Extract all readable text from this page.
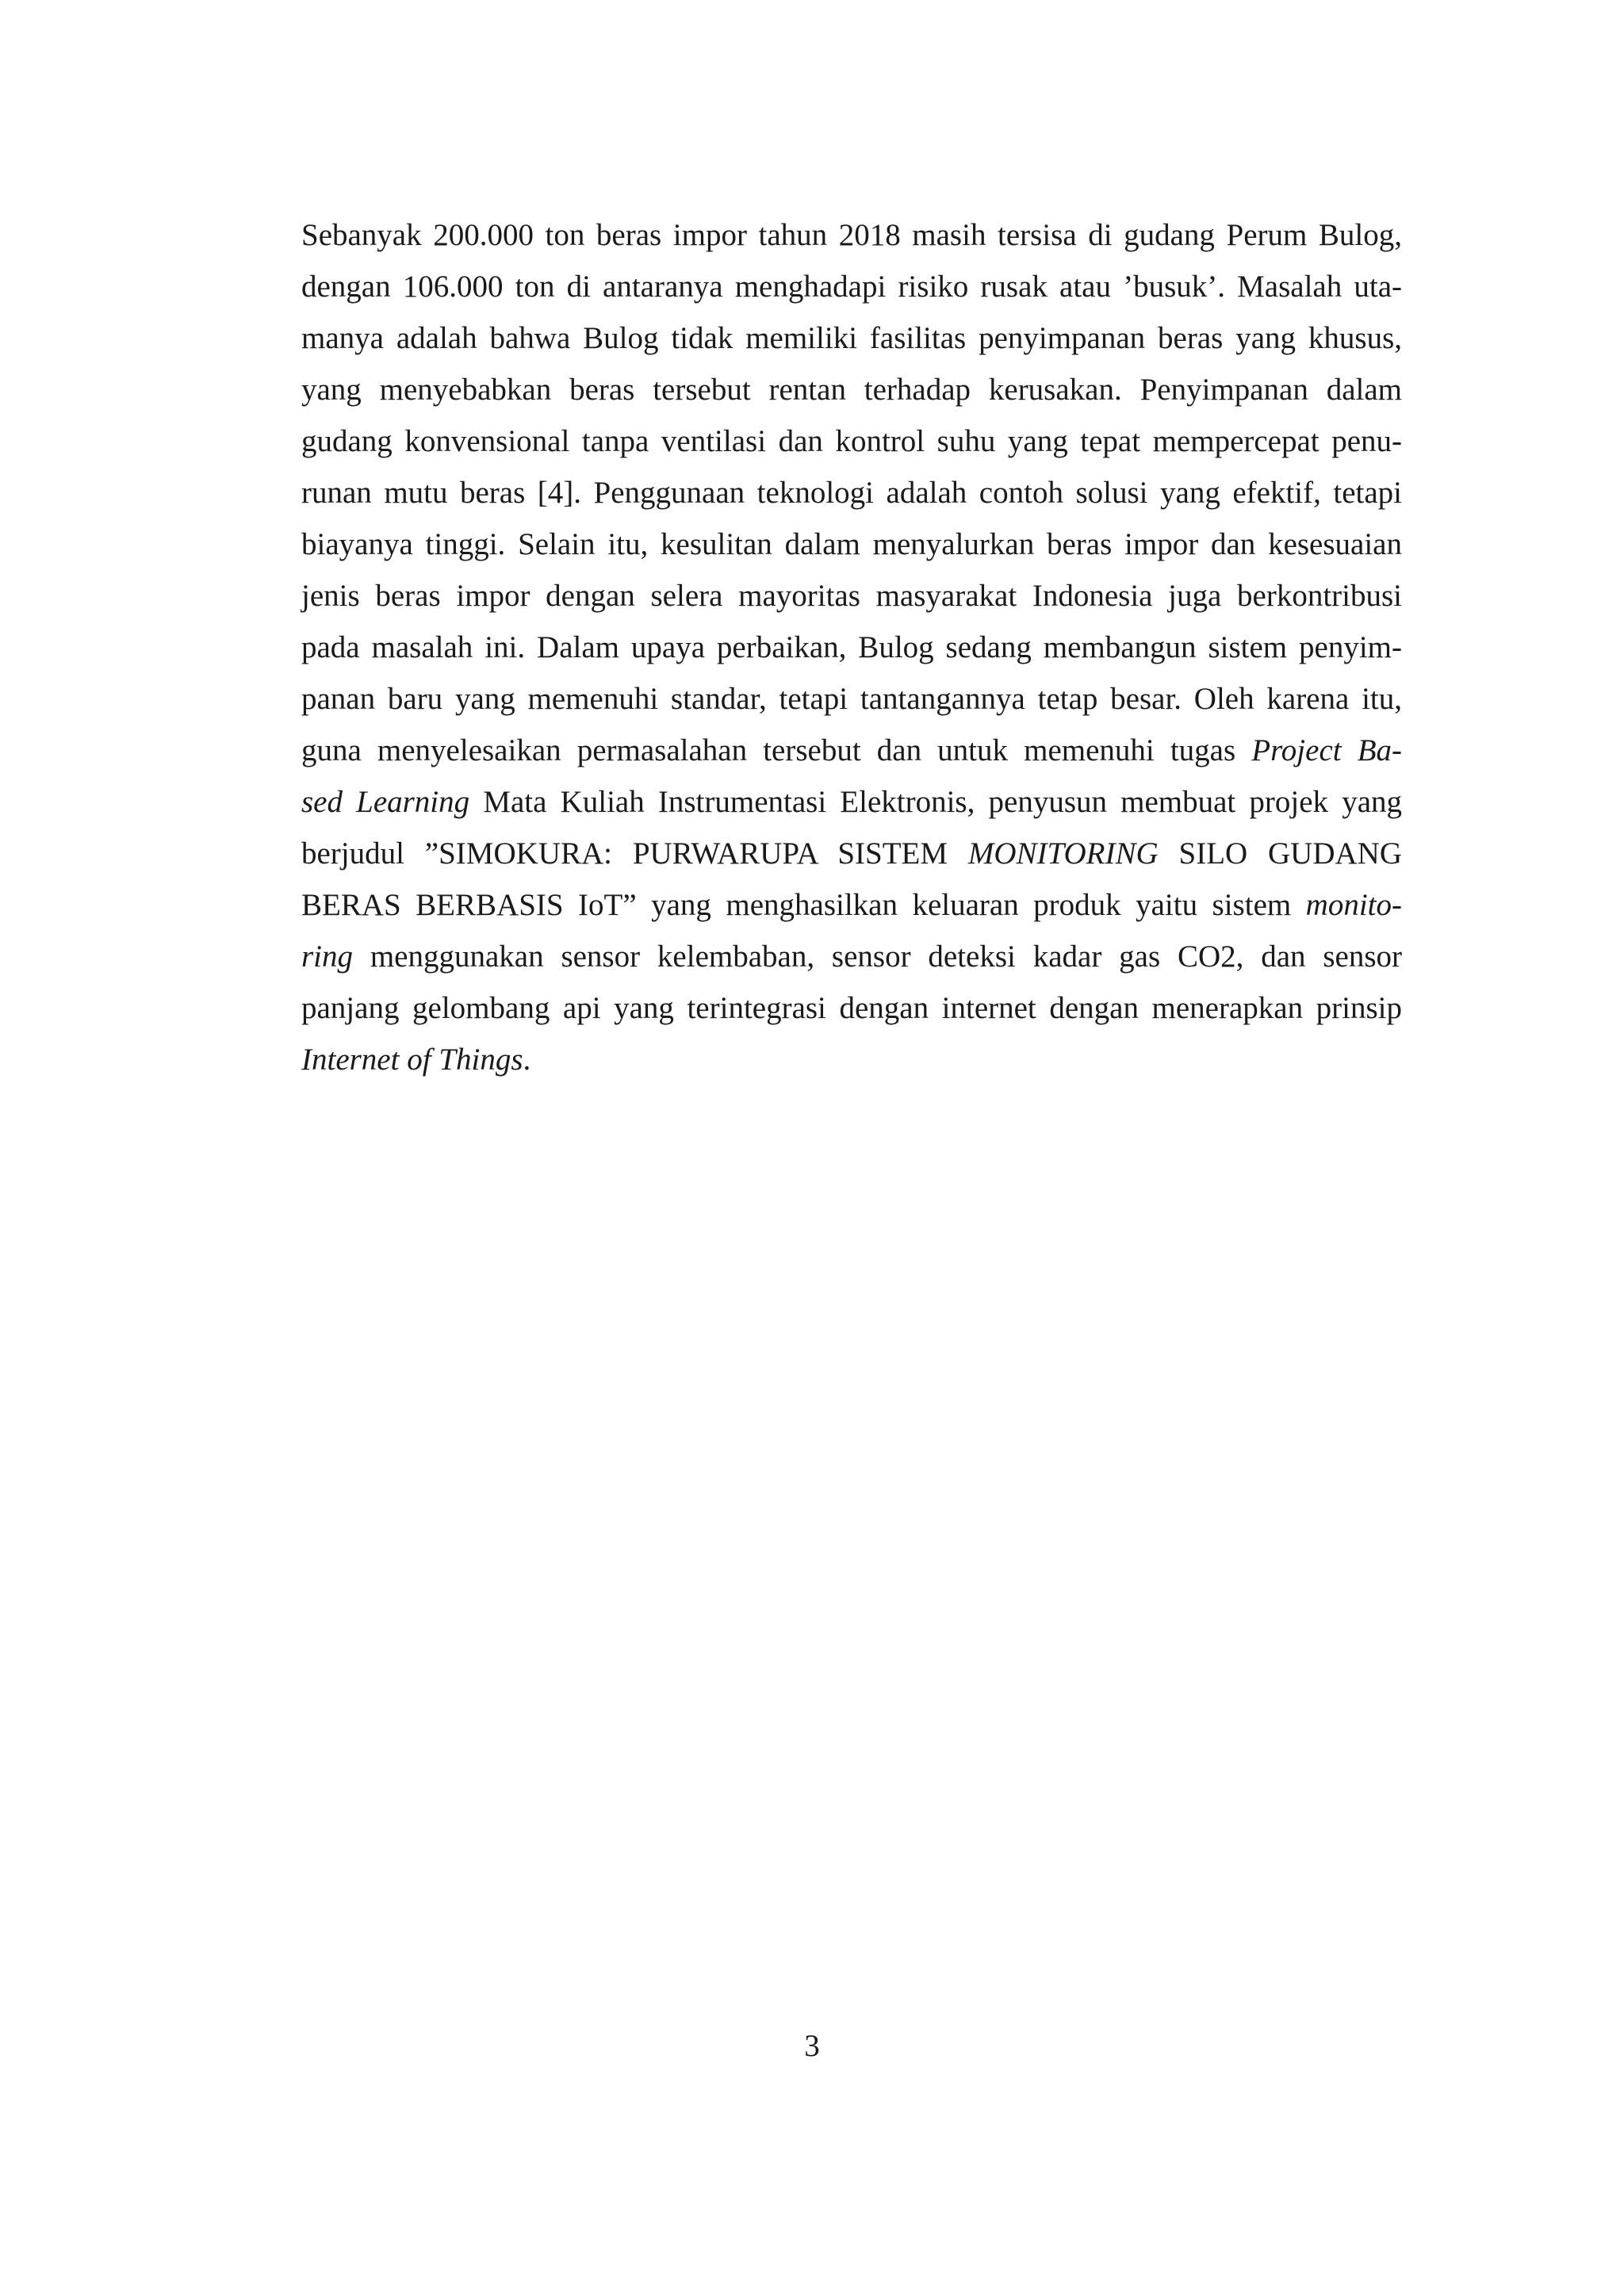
Sebanyak 200.000 ton beras impor tahun 2018 masih tersisa di gudang Perum Bulog,
dengan 106.000 ton di antaranya menghadapi risiko rusak atau ’busuk’. Masalah uta-
manya adalah bahwa Bulog tidak memiliki fasilitas penyimpanan beras yang khusus,
yang menyebabkan beras tersebut rentan terhadap kerusakan. Penyimpanan dalam
gudang konvensional tanpa ventilasi dan kontrol suhu yang tepat mempercepat penu-
runan mutu beras [4]. Penggunaan teknologi adalah contoh solusi yang efektif, tetapi
biayanya tinggi. Selain itu, kesulitan dalam menyalurkan beras impor dan kesesuaian
jenis beras impor dengan selera mayoritas masyarakat Indonesia juga berkontribusi
pada masalah ini. Dalam upaya perbaikan, Bulog sedang membangun sistem penyim-
panan baru yang memenuhi standar, tetapi tantangannya tetap besar. Oleh karena itu,
guna menyelesaikan permasalahan tersebut dan untuk memenuhi tugas Project Ba-
sed Learning Mata Kuliah Instrumentasi Elektronis, penyusun membuat projek yang
berjudul ”SIMOKURA: PURWARUPA SISTEM MONITORING SILO GUDANG
BERAS BERBASIS IoT” yang menghasilkan keluaran produk yaitu sistem monito-
ring menggunakan sensor kelembaban, sensor deteksi kadar gas CO2, dan sensor
panjang gelombang api yang terintegrasi dengan internet dengan menerapkan prinsip
Internet of Things.

3
